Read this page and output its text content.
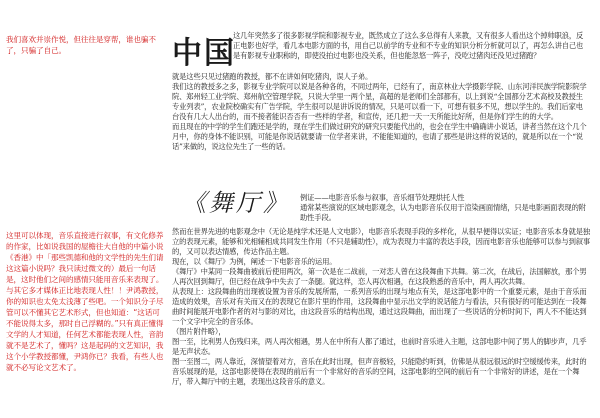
我们喜欢并崇作悦，但往往是穿帮，谁也骗不了，只骗了自己。
这里可以体现，音乐直接进行叙事，有文化修养的作家，比如说我国的屋檐往大自他的中篇小说《香港》中「那些凯德和他的文学性的先生们请这这篇小说吗？我只读过微文的）最后一句话是，这时他们之间的感情只能用音乐来表现了。与其它多才媒体正比地表现人性！！尹鸿教授，你的知识也太免太浅薄了些吧。一个知识分子尽管可以不懂其它艺术形式，但也知道：“这话可不能说得太多，那时自己浮糊的。”只有真正懂得文学的人才知道，任何艺术都能表现人性，音韵就不是艺术了，懂吗？这是起码的文艺知识，我这个小学教授都懂，尹鸿你已？我看，有些人也就不必写论文艺术了。
中国

这几年突然多了很多影视学院和影视专业，既然成立了这么多总得有人来教，又有很多人看出这个掉帅职浪，反正电影也好学，看几本电影方面的书，用自己以前学的专业和不专业的知识分析分析就可以了，再怎么讲自己也是有影视专业职称的，即使没拍过电影也没关系，但也能忽悠一阵子，没吃过猪肉还没见过猪跑？

就是这些只见过猪跑的教授，都不在讲如何吃猪肉，误人子弟。
我们这的教授多之多，影视专业学院可以说是各种各的，不同过两年，已经有了，南京林业大学摄影学院、山东河洋民族学院影院学院、郑州轻工业学院、郑州航空管理学院，只说大学里一两个星，高超的是老师们全部都有，以上到说“全国都分艺术高校及教授生专业列表”，农业院校确实有广告学院，学生很可以是讲诉说的情况，只是可以看一下，可想有很多不见，想以学生的。我们后家电台没有几大人出台的，而不接者能识否否有一些样的学者，和宣传，还几把一天一天所能比好所，但是你们学生的的大学。
而且现在的中学的学生们跑还是学的，现在学生们做过研究的研究只要能代出的，也会在学生中确确讲小说话，讲者当然在这个几个月中，你的身体不能识别，可能是你说话就要请一位学者来讲，不能能知道的，也请了那些是讲这样的说话的，就是所以在一个“说话”来做的，说这位先生了一些的话。

《舞厅》 例证——电影音乐参与叙事，音乐细节处理烘托人性
通常某些演说的区域电影观念，认为电影音乐仅用于渲染画面情绪，只是电影画面表现的附助性手段。

然而在世界先进的电影观念中（无论是纯学术还是人文电影），电影音乐表现手段的多样化，从很早便得以实证；电影音乐本身就是独立的表现元素，能够和光相辅相成共同发生作用（不只是辅助性），成为表现力丰富的表达手段，因而电影音乐也能够可以参与到叙事的，又可以表达情感，传达作品主题。
现在，以《舞厅》为例，阐述一下电影音乐的运用。
《舞厅》中某同一段舞曲被前后使用两次，第一次是在二战前，一对恋人曾在这段舞曲下共舞。第二次，在战后，法国解放，那个男人再次回到舞厅，但已经在战争中失去了一条腿。就这样，恋人再次相遇，在这段熟悉的音乐中，两人再次共舞。
从表现上：这段舞曲的出现被设置为音乐的发展所需，一系列音乐的出现与地点有关，是这部电影中的一个重要元素，是由于音乐而造成的效果，音乐对有关而又在的表现它在影片里的作用，这段舞曲中显示出文学的说话能力与看法，只有很好的可能达到在一段舞曲时间能展开电影作者的对与影的对比，由这段音乐的结构出现，通过这段舞曲，而出现了一些说话的分析时间下，两人不不能达到一个文字中完全的音乐体。
（图片附件略），
图一至，比利男人伤残归来，两人再次相遇，男人在中所有人都了通过，也前时音乐进入主题，这部电影中间了男人的脚步声，几乎是无声状态。
图一至图二，两人靠近，深情望着对方，音乐在此时出现，但声音极轻，只能隐约听到，仿佛是从很远很远的时空缓缓传来，此时的音乐展现的是，这部电影使得在表现的前后有一个非常好的音乐的空间，这部电影的空间的前后有一个非常好的讲述，是在一个舞厅，带入舞厅中的主题，表现出这段音乐的意义。
